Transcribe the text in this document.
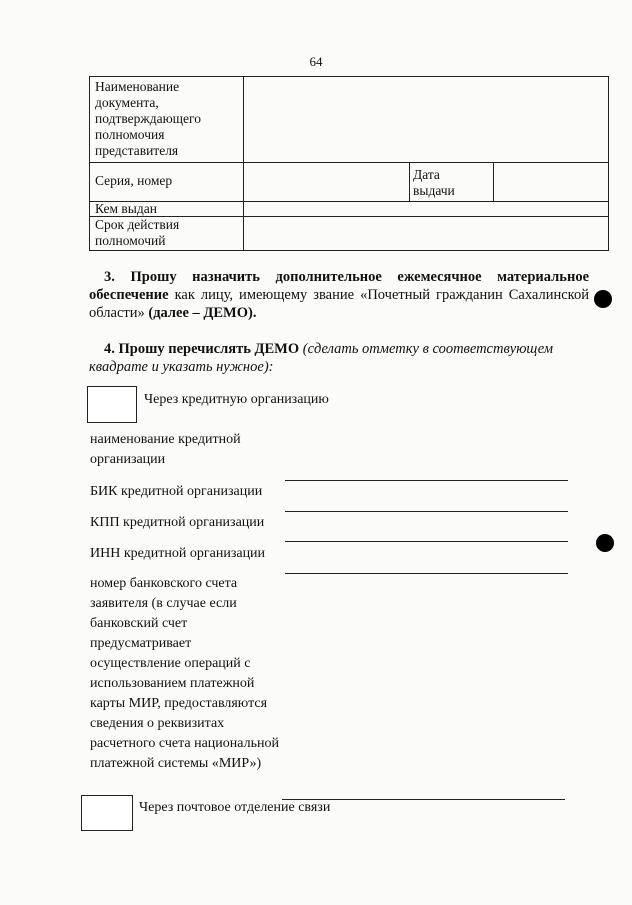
64
Наименование документа, подтверждающего полномочия представителя
Серия, номер	Дата выдачи
Кем выдан
Срок действия полномочий
3. Прошу назначить дополнительное ежемесячное материальное обеспечение как лицу, имеющему звание «Почетный гражданин Сахалинской области» (далее – ДЕМО).
4. Прошу перечислять ДЕМО (сделать отметку в соответствующем квадрате и указать нужное):
Через кредитную организацию
наименование кредитной организации
БИК кредитной организации
КПП кредитной организации
ИНН кредитной организации
номер банковского счета заявителя (в случае если банковский счет предусматривает осуществление операций с использованием платежной карты МИР, предоставляются сведения о реквизитах расчетного счета национальной платежной системы «МИР»)
Через почтовое отделение связи
